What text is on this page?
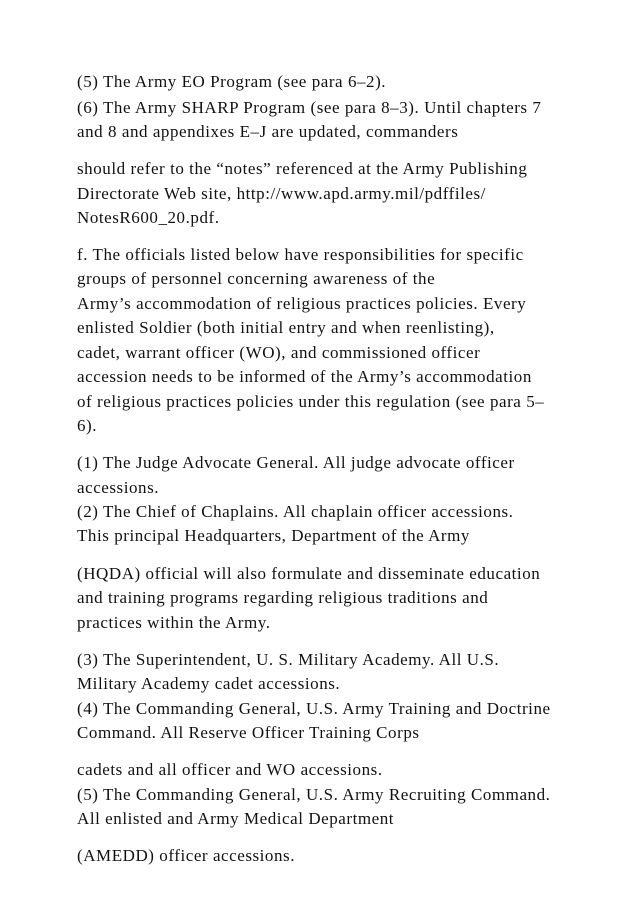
(5) The Army EO Program (see para 6–2).
(6) The Army SHARP Program (see para 8–3). Until chapters 7
and 8 and appendixes E–J are updated, commanders
should refer to the “notes” referenced at the Army Publishing
Directorate Web site, http://www.apd.army.mil/pdffiles/
NotesR600_20.pdf.
f. The officials listed below have responsibilities for specific
groups of personnel concerning awareness of the
Army’s accommodation of religious practices policies. Every
enlisted Soldier (both initial entry and when reenlisting),
cadet, warrant officer (WO), and commissioned officer
accession needs to be informed of the Army’s accommodation
of religious practices policies under this regulation (see para 5–
6).
(1) The Judge Advocate General. All judge advocate officer
accessions.
(2) The Chief of Chaplains. All chaplain officer accessions.
This principal Headquarters, Department of the Army
(HQDA) official will also formulate and disseminate education
and training programs regarding religious traditions and
practices within the Army.
(3) The Superintendent, U. S. Military Academy. All U.S.
Military Academy cadet accessions.
(4) The Commanding General, U.S. Army Training and Doctrine
Command. All Reserve Officer Training Corps
cadets and all officer and WO accessions.
(5) The Commanding General, U.S. Army Recruiting Command.
All enlisted and Army Medical Department
(AMEDD) officer accessions.
